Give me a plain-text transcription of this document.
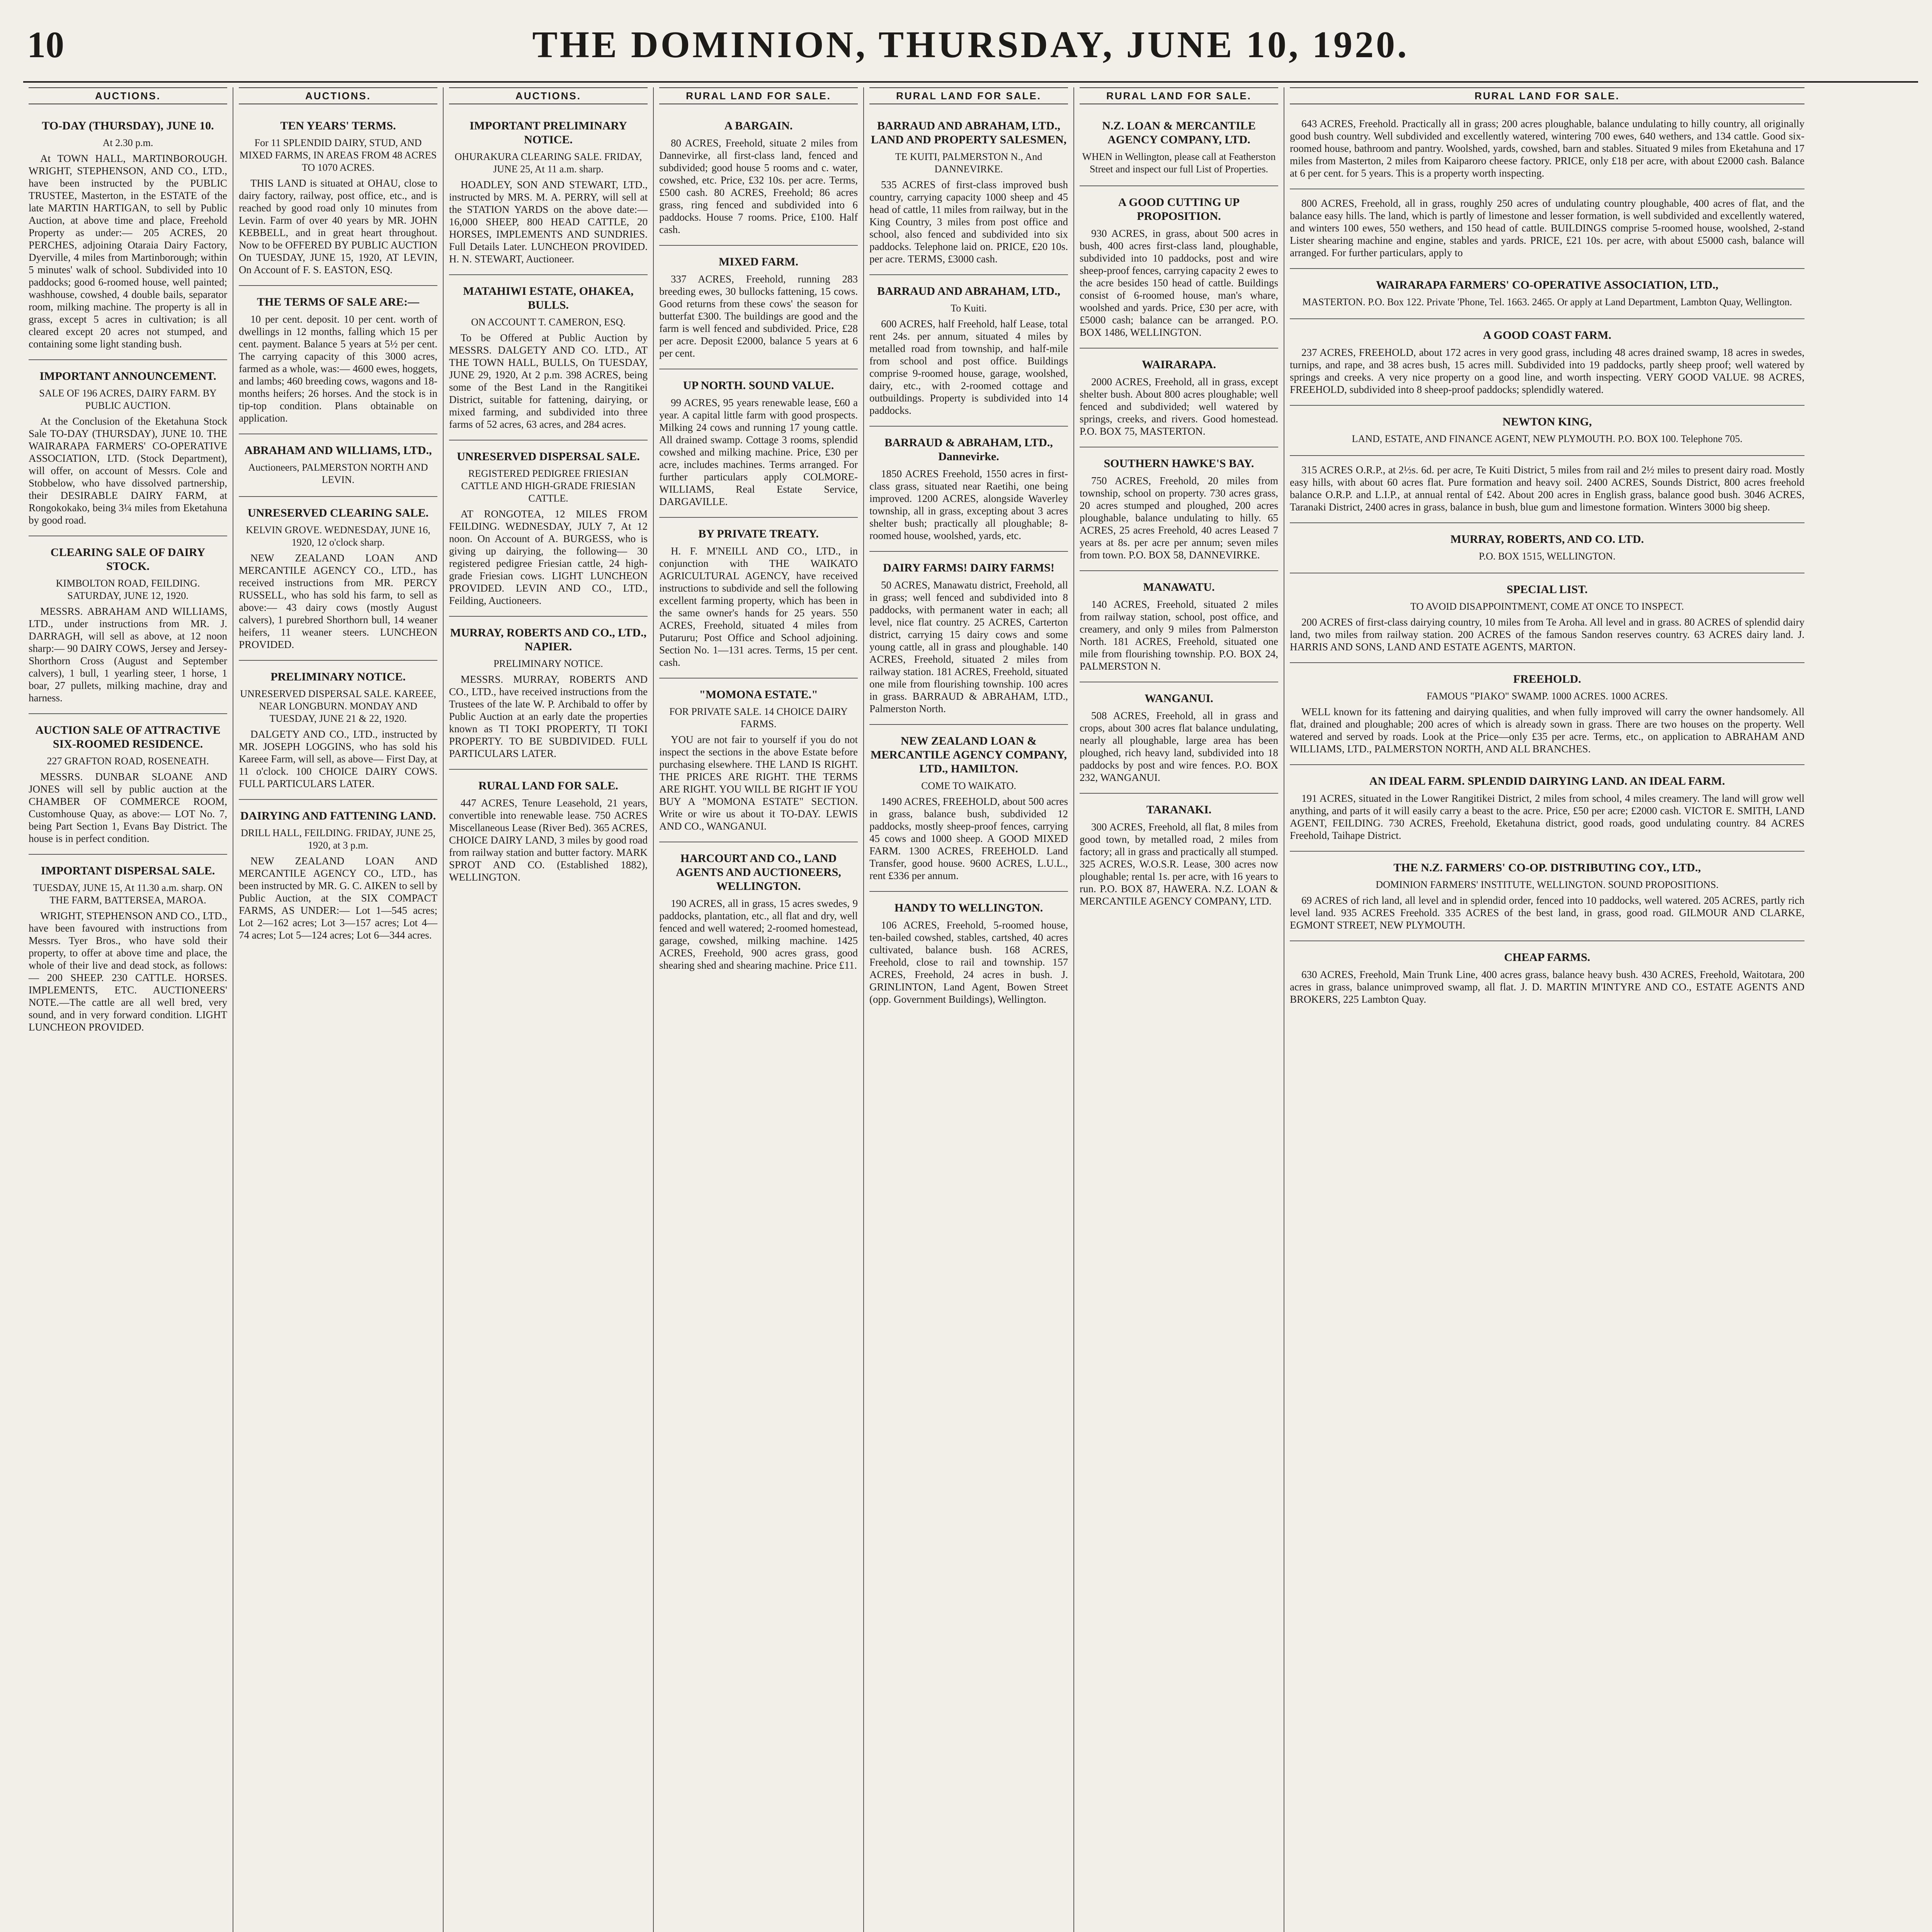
10	THE DOMINION, THURSDAY, JUNE 10, 1920.
AUCTIONS.
TO-DAY (THURSDAY), JUNE 10.
At 2.30 p.m.
At TOWN HALL, MARTINBOROUGH. WRIGHT, STEPHENSON, AND CO., LTD., have been instructed by the PUBLIC TRUSTEE, Masterton, in the ESTATE of the late MARTIN HARTIGAN, to sell by Public Auction, at above time and place, Freehold Property as under:— 205 ACRES, 20 PERCHES, adjoining Otaraia Dairy Factory, Dyerville, 4 miles from Martinborough; within 5 minutes' walk of school. Subdivided into 10 paddocks; good 6-roomed house, well painted; washhouse, cowshed, 4 double bails, separator room, milking machine. The property is all in grass, except 5 acres in cultivation; is all cleared except 20 acres not stumped, and containing some light standing bush.
IMPORTANT ANNOUNCEMENT.
SALE OF 196 ACRES, DAIRY FARM. BY PUBLIC AUCTION.
At the Conclusion of the Eketahuna Stock Sale TO-DAY (THURSDAY), JUNE 10. THE WAIRARAPA FARMERS' CO-OPERATIVE ASSOCIATION, LTD. (Stock Department), will offer, on account of Messrs. Cole and Stobbelow, who have dissolved partnership, their DESIRABLE DAIRY FARM, at Rongokokako, being 3¼ miles from Eketahuna by good road.
CLEARING SALE OF DAIRY STOCK.
KIMBOLTON ROAD, FEILDING. SATURDAY, JUNE 12, 1920.
MESSRS. ABRAHAM AND WILLIAMS, LTD., under instructions from MR. J. DARRAGH, will sell as above, at 12 noon sharp:— 90 DAIRY COWS, Jersey and Jersey-Shorthorn Cross (August and September calvers), 1 bull, 1 yearling steer, 1 horse, 1 boar, 27 pullets, milking machine, dray and harness.
AUCTION SALE OF ATTRACTIVE SIX-ROOMED RESIDENCE.
227 GRAFTON ROAD, ROSENEATH.
MESSRS. DUNBAR SLOANE AND JONES will sell by public auction at the CHAMBER OF COMMERCE ROOM, Customhouse Quay, as above:— LOT No. 7, being Part Section 1, Evans Bay District. The house is in perfect condition.
IMPORTANT DISPERSAL SALE.
TUESDAY, JUNE 15, At 11.30 a.m. sharp. ON THE FARM, BATTERSEA, MAROA.
WRIGHT, STEPHENSON AND CO., LTD., have been favoured with instructions from Messrs. Tyer Bros., who have sold their property, to offer at above time and place, the whole of their live and dead stock, as follows:— 200 SHEEP. 230 CATTLE. HORSES. IMPLEMENTS, ETC. AUCTIONEERS' NOTE.—The cattle are all well bred, very sound, and in very forward condition. LIGHT LUNCHEON PROVIDED.
AUCTIONS.
TEN YEARS' TERMS.
For 11 SPLENDID DAIRY, STUD, AND MIXED FARMS, IN AREAS FROM 48 ACRES TO 1070 ACRES.
THIS LAND is situated at OHAU, close to dairy factory, railway, post office, etc., and is reached by good road only 10 minutes from Levin. Farm of over 40 years by MR. JOHN KEBBELL, and in great heart throughout. Now to be OFFERED BY PUBLIC AUCTION On TUESDAY, JUNE 15, 1920, AT LEVIN, On Account of F. S. EASTON, ESQ.
THE TERMS OF SALE ARE:—
10 per cent. deposit. 10 per cent. worth of dwellings in 12 months, falling which 15 per cent. payment. Balance 5 years at 5½ per cent. The carrying capacity of this 3000 acres, farmed as a whole, was:— 4600 ewes, hoggets, and lambs; 460 breeding cows, wagons and 18-months heifers; 26 horses. And the stock is in tip-top condition. Plans obtainable on application.
ABRAHAM AND WILLIAMS, LTD.,
Auctioneers, PALMERSTON NORTH AND LEVIN.
UNRESERVED CLEARING SALE.
KELVIN GROVE. WEDNESDAY, JUNE 16, 1920, 12 o'clock sharp.
NEW ZEALAND LOAN AND MERCANTILE AGENCY CO., LTD., has received instructions from MR. PERCY RUSSELL, who has sold his farm, to sell as above:— 43 dairy cows (mostly August calvers), 1 purebred Shorthorn bull, 14 weaner heifers, 11 weaner steers. LUNCHEON PROVIDED.
PRELIMINARY NOTICE.
UNRESERVED DISPERSAL SALE. KAREEE, NEAR LONGBURN. MONDAY AND TUESDAY, JUNE 21 & 22, 1920.
DALGETY AND CO., LTD., instructed by MR. JOSEPH LOGGINS, who has sold his Kareee Farm, will sell, as above— First Day, at 11 o'clock. 100 CHOICE DAIRY COWS. FULL PARTICULARS LATER.
DAIRYING AND FATTENING LAND.
DRILL HALL, FEILDING. FRIDAY, JUNE 25, 1920, at 3 p.m.
NEW ZEALAND LOAN AND MERCANTILE AGENCY CO., LTD., has been instructed by MR. G. C. AIKEN to sell by Public Auction, at the SIX COMPACT FARMS, AS UNDER:— Lot 1—545 acres; Lot 2—162 acres; Lot 3—157 acres; Lot 4—74 acres; Lot 5—124 acres; Lot 6—344 acres.
AUCTIONS.
IMPORTANT PRELIMINARY NOTICE.
OHURAKURA CLEARING SALE. FRIDAY, JUNE 25, At 11 a.m. sharp.
HOADLEY, SON AND STEWART, LTD., instructed by MRS. M. A. PERRY, will sell at the STATION YARDS on the above date:— 16,000 SHEEP, 800 HEAD CATTLE, 20 HORSES, IMPLEMENTS AND SUNDRIES. Full Details Later. LUNCHEON PROVIDED. H. N. STEWART, Auctioneer.
MATAHIWI ESTATE, OHAKEA, BULLS.
ON ACCOUNT T. CAMERON, ESQ.
To be Offered at Public Auction by MESSRS. DALGETY AND CO. LTD., AT THE TOWN HALL, BULLS, On TUESDAY, JUNE 29, 1920, At 2 p.m. 398 ACRES, being some of the Best Land in the Rangitikei District, suitable for fattening, dairying, or mixed farming, and subdivided into three farms of 52 acres, 63 acres, and 284 acres.
UNRESERVED DISPERSAL SALE.
REGISTERED PEDIGREE FRIESIAN CATTLE AND HIGH-GRADE FRIESIAN CATTLE.
AT RONGOTEA, 12 MILES FROM FEILDING. WEDNESDAY, JULY 7, At 12 noon. On Account of A. BURGESS, who is giving up dairying, the following— 30 registered pedigree Friesian cattle, 24 high-grade Friesian cows. LIGHT LUNCHEON PROVIDED. LEVIN AND CO., LTD., Feilding, Auctioneers.
MURRAY, ROBERTS AND CO., LTD., NAPIER.
PRELIMINARY NOTICE.
MESSRS. MURRAY, ROBERTS AND CO., LTD., have received instructions from the Trustees of the late W. P. Archibald to offer by Public Auction at an early date the properties known as TI TOKI PROPERTY, TI TOKI PROPERTY. TO BE SUBDIVIDED. FULL PARTICULARS LATER.
RURAL LAND FOR SALE.
447 ACRES, Tenure Leasehold, 21 years, convertible into renewable lease. 750 ACRES Miscellaneous Lease (River Bed). 365 ACRES, CHOICE DAIRY LAND, 3 miles by good road from railway station and butter factory. MARK SPROT AND CO. (Established 1882), WELLINGTON.
RURAL LAND FOR SALE.
A BARGAIN.
80 ACRES, Freehold, situate 2 miles from Dannevirke, all first-class land, fenced and subdivided; good house 5 rooms and c. water, cowshed, etc. Price, £32 10s. per acre. Terms, £500 cash. 80 ACRES, Freehold; 86 acres grass, ring fenced and subdivided into 6 paddocks. House 7 rooms. Price, £100. Half cash.
MIXED FARM.
337 ACRES, Freehold, running 283 breeding ewes, 30 bullocks fattening, 15 cows. Good returns from these cows' the season for butterfat £300. The buildings are good and the farm is well fenced and subdivided. Price, £28 per acre. Deposit £2000, balance 5 years at 6 per cent.
UP NORTH. SOUND VALUE.
99 ACRES, 95 years renewable lease, £60 a year. A capital little farm with good prospects. Milking 24 cows and running 17 young cattle. All drained swamp. Cottage 3 rooms, splendid cowshed and milking machine. Price, £30 per acre, includes machines. Terms arranged. For further particulars apply COLMORE-WILLIAMS, Real Estate Service, DARGAVILLE.
BY PRIVATE TREATY.
H. F. M'NEILL AND CO., LTD., in conjunction with THE WAIKATO AGRICULTURAL AGENCY, have received instructions to subdivide and sell the following excellent farming property, which has been in the same owner's hands for 25 years. 550 ACRES, Freehold, situated 4 miles from Putaruru; Post Office and School adjoining. Section No. 1—131 acres. Terms, 15 per cent. cash.
"MOMONA ESTATE."
FOR PRIVATE SALE. 14 CHOICE DAIRY FARMS.
YOU are not fair to yourself if you do not inspect the sections in the above Estate before purchasing elsewhere. THE LAND IS RIGHT. THE PRICES ARE RIGHT. THE TERMS ARE RIGHT. YOU WILL BE RIGHT IF YOU BUY A "MOMONA ESTATE" SECTION. Write or wire us about it TO-DAY. LEWIS AND CO., WANGANUI.
HARCOURT AND CO., LAND AGENTS AND AUCTIONEERS, WELLINGTON.
190 ACRES, all in grass, 15 acres swedes, 9 paddocks, plantation, etc., all flat and dry, well fenced and well watered; 2-roomed homestead, garage, cowshed, milking machine. 1425 ACRES, Freehold, 900 acres grass, good shearing shed and shearing machine. Price £11.
RURAL LAND FOR SALE.
BARRAUD AND ABRAHAM, LTD., LAND AND PROPERTY SALESMEN,
TE KUITI, PALMERSTON N., And DANNEVIRKE.
535 ACRES of first-class improved bush country, carrying capacity 1000 sheep and 45 head of cattle, 11 miles from railway, but in the King Country, 3 miles from post office and school, also fenced and subdivided into six paddocks. Telephone laid on. PRICE, £20 10s. per acre. TERMS, £3000 cash.
BARRAUD AND ABRAHAM, LTD.,
To Kuiti.
600 ACRES, half Freehold, half Lease, total rent 24s. per annum, situated 4 miles by metalled road from township, and half-mile from school and post office. Buildings comprise 9-roomed house, garage, woolshed, dairy, etc., with 2-roomed cottage and outbuildings. Property is subdivided into 14 paddocks.
BARRAUD & ABRAHAM, LTD., Dannevirke.
1850 ACRES Freehold, 1550 acres in first-class grass, situated near Raetihi, one being improved. 1200 ACRES, alongside Waverley township, all in grass, excepting about 3 acres shelter bush; practically all ploughable; 8-roomed house, woolshed, yards, etc.
DAIRY FARMS! DAIRY FARMS!
50 ACRES, Manawatu district, Freehold, all in grass; well fenced and subdivided into 8 paddocks, with permanent water in each; all level, nice flat country. 25 ACRES, Carterton district, carrying 15 dairy cows and some young cattle, all in grass and ploughable. 140 ACRES, Freehold, situated 2 miles from railway station. 181 ACRES, Freehold, situated one mile from flourishing township. 100 acres in grass. BARRAUD & ABRAHAM, LTD., Palmerston North.
NEW ZEALAND LOAN & MERCANTILE AGENCY COMPANY, LTD., HAMILTON.
COME TO WAIKATO.
1490 ACRES, FREEHOLD, about 500 acres in grass, balance bush, subdivided 12 paddocks, mostly sheep-proof fences, carrying 45 cows and 1000 sheep. A GOOD MIXED FARM. 1300 ACRES, FREEHOLD. Land Transfer, good house. 9600 ACRES, L.U.L., rent £336 per annum.
HANDY TO WELLINGTON.
106 ACRES, Freehold, 5-roomed house, ten-bailed cowshed, stables, cartshed, 40 acres cultivated, balance bush. 168 ACRES, Freehold, close to rail and township. 157 ACRES, Freehold, 24 acres in bush. J. GRINLINTON, Land Agent, Bowen Street (opp. Government Buildings), Wellington.
RURAL LAND FOR SALE.
N.Z. LOAN & MERCANTILE AGENCY COMPANY, LTD.
WHEN in Wellington, please call at Featherston Street and inspect our full List of Properties.
A GOOD CUTTING UP PROPOSITION.
930 ACRES, in grass, about 500 acres in bush, 400 acres first-class land, ploughable, subdivided into 10 paddocks, post and wire sheep-proof fences, carrying capacity 2 ewes to the acre besides 150 head of cattle. Buildings consist of 6-roomed house, man's whare, woolshed and yards. Price, £30 per acre, with £5000 cash; balance can be arranged. P.O. BOX 1486, WELLINGTON.
WAIRARAPA.
2000 ACRES, Freehold, all in grass, except shelter bush. About 800 acres ploughable; well fenced and subdivided; well watered by springs, creeks, and rivers. Good homestead. P.O. BOX 75, MASTERTON.
SOUTHERN HAWKE'S BAY.
750 ACRES, Freehold, 20 miles from township, school on property. 730 acres grass, 20 acres stumped and ploughed, 200 acres ploughable, balance undulating to hilly. 65 ACRES, 25 acres Freehold, 40 acres Leased 7 years at 8s. per acre per annum; seven miles from town. P.O. BOX 58, DANNEVIRKE.
MANAWATU.
140 ACRES, Freehold, situated 2 miles from railway station, school, post office, and creamery, and only 9 miles from Palmerston North. 181 ACRES, Freehold, situated one mile from flourishing township. P.O. BOX 24, PALMERSTON N.
WANGANUI.
508 ACRES, Freehold, all in grass and crops, about 300 acres flat balance undulating, nearly all ploughable, large area has been ploughed, rich heavy land, subdivided into 18 paddocks by post and wire fences. P.O. BOX 232, WANGANUI.
TARANAKI.
300 ACRES, Freehold, all flat, 8 miles from good town, by metalled road, 2 miles from factory; all in grass and practically all stumped. 325 ACRES, W.O.S.R. Lease, 300 acres now ploughable; rental 1s. per acre, with 16 years to run. P.O. BOX 87, HAWERA. N.Z. LOAN & MERCANTILE AGENCY COMPANY, LTD.
RURAL LAND FOR SALE.
643 ACRES, Freehold. Practically all in grass; 200 acres ploughable, balance undulating to hilly country, all originally good bush country. Well subdivided and excellently watered, wintering 700 ewes, 640 wethers, and 134 cattle. Good six-roomed house, bathroom and pantry. Woolshed, yards, cowshed, barn and stables. Situated 9 miles from Eketahuna and 17 miles from Masterton, 2 miles from Kaiparoro cheese factory. PRICE, only £18 per acre, with about £2000 cash. Balance at 6 per cent. for 5 years. This is a property worth inspecting.
800 ACRES, Freehold, all in grass, roughly 250 acres of undulating country ploughable, 400 acres of flat, and the balance easy hills. The land, which is partly of limestone and lesser formation, is well subdivided and excellently watered, and winters 100 ewes, 550 wethers, and 150 head of cattle. BUILDINGS comprise 5-roomed house, woolshed, 2-stand Lister shearing machine and engine, stables and yards. PRICE, £21 10s. per acre, with about £5000 cash, balance will arranged. For further particulars, apply to
WAIRARAPA FARMERS' CO-OPERATIVE ASSOCIATION, LTD.,
MASTERTON. P.O. Box 122. Private 'Phone, Tel. 1663. 2465. Or apply at Land Department, Lambton Quay, Wellington.
A GOOD COAST FARM.
237 ACRES, FREEHOLD, about 172 acres in very good grass, including 48 acres drained swamp, 18 acres in swedes, turnips, and rape, and 38 acres bush, 15 acres mill. Subdivided into 19 paddocks, partly sheep proof; well watered by springs and creeks. A very nice property on a good line, and worth inspecting. VERY GOOD VALUE. 98 ACRES, FREEHOLD, subdivided into 8 sheep-proof paddocks; splendidly watered.
NEWTON KING,
LAND, ESTATE, AND FINANCE AGENT, NEW PLYMOUTH. P.O. BOX 100. Telephone 705.
315 ACRES O.R.P., at 2½s. 6d. per acre, Te Kuiti District, 5 miles from rail and 2½ miles to present dairy road. Mostly easy hills, with about 60 acres flat. Pure formation and heavy soil. 2400 ACRES, Sounds District, 800 acres freehold balance O.R.P. and L.I.P., at annual rental of £42. About 200 acres in English grass, balance good bush. 3046 ACRES, Taranaki District, 2400 acres in grass, balance in bush, blue gum and limestone formation. Winters 3000 big sheep.
MURRAY, ROBERTS, AND CO. LTD.
P.O. BOX 1515, WELLINGTON.
SPECIAL LIST.
TO AVOID DISAPPOINTMENT, COME AT ONCE TO INSPECT.
200 ACRES of first-class dairying country, 10 miles from Te Aroha. All level and in grass. 80 ACRES of splendid dairy land, two miles from railway station. 200 ACRES of the famous Sandon reserves country. 63 ACRES dairy land. J. HARRIS AND SONS, LAND AND ESTATE AGENTS, MARTON.
FREEHOLD.
FAMOUS "PIAKO" SWAMP. 1000 ACRES. 1000 ACRES.
WELL known for its fattening and dairying qualities, and when fully improved will carry the owner handsomely. All flat, drained and ploughable; 200 acres of which is already sown in grass. There are two houses on the property. Well watered and served by roads. Look at the Price—only £35 per acre. Terms, etc., on application to ABRAHAM AND WILLIAMS, LTD., PALMERSTON NORTH, AND ALL BRANCHES.
AN IDEAL FARM. SPLENDID DAIRYING LAND. AN IDEAL FARM.
191 ACRES, situated in the Lower Rangitikei District, 2 miles from school, 4 miles creamery. The land will grow well anything, and parts of it will easily carry a beast to the acre. Price, £50 per acre; £2000 cash. VICTOR E. SMITH, LAND AGENT, FEILDING. 730 ACRES, Freehold, Eketahuna district, good roads, good undulating country. 84 ACRES Freehold, Taihape District.
THE N.Z. FARMERS' CO-OP. DISTRIBUTING COY., LTD.,
DOMINION FARMERS' INSTITUTE, WELLINGTON. SOUND PROPOSITIONS.
69 ACRES of rich land, all level and in splendid order, fenced into 10 paddocks, well watered. 205 ACRES, partly rich level land. 935 ACRES Freehold. 335 ACRES of the best land, in grass, good road. GILMOUR AND CLARKE, EGMONT STREET, NEW PLYMOUTH.
CHEAP FARMS.
630 ACRES, Freehold, Main Trunk Line, 400 acres grass, balance heavy bush. 430 ACRES, Freehold, Waitotara, 200 acres in grass, balance unimproved swamp, all flat. J. D. MARTIN M'INTYRE AND CO., ESTATE AGENTS AND BROKERS, 225 Lambton Quay.
